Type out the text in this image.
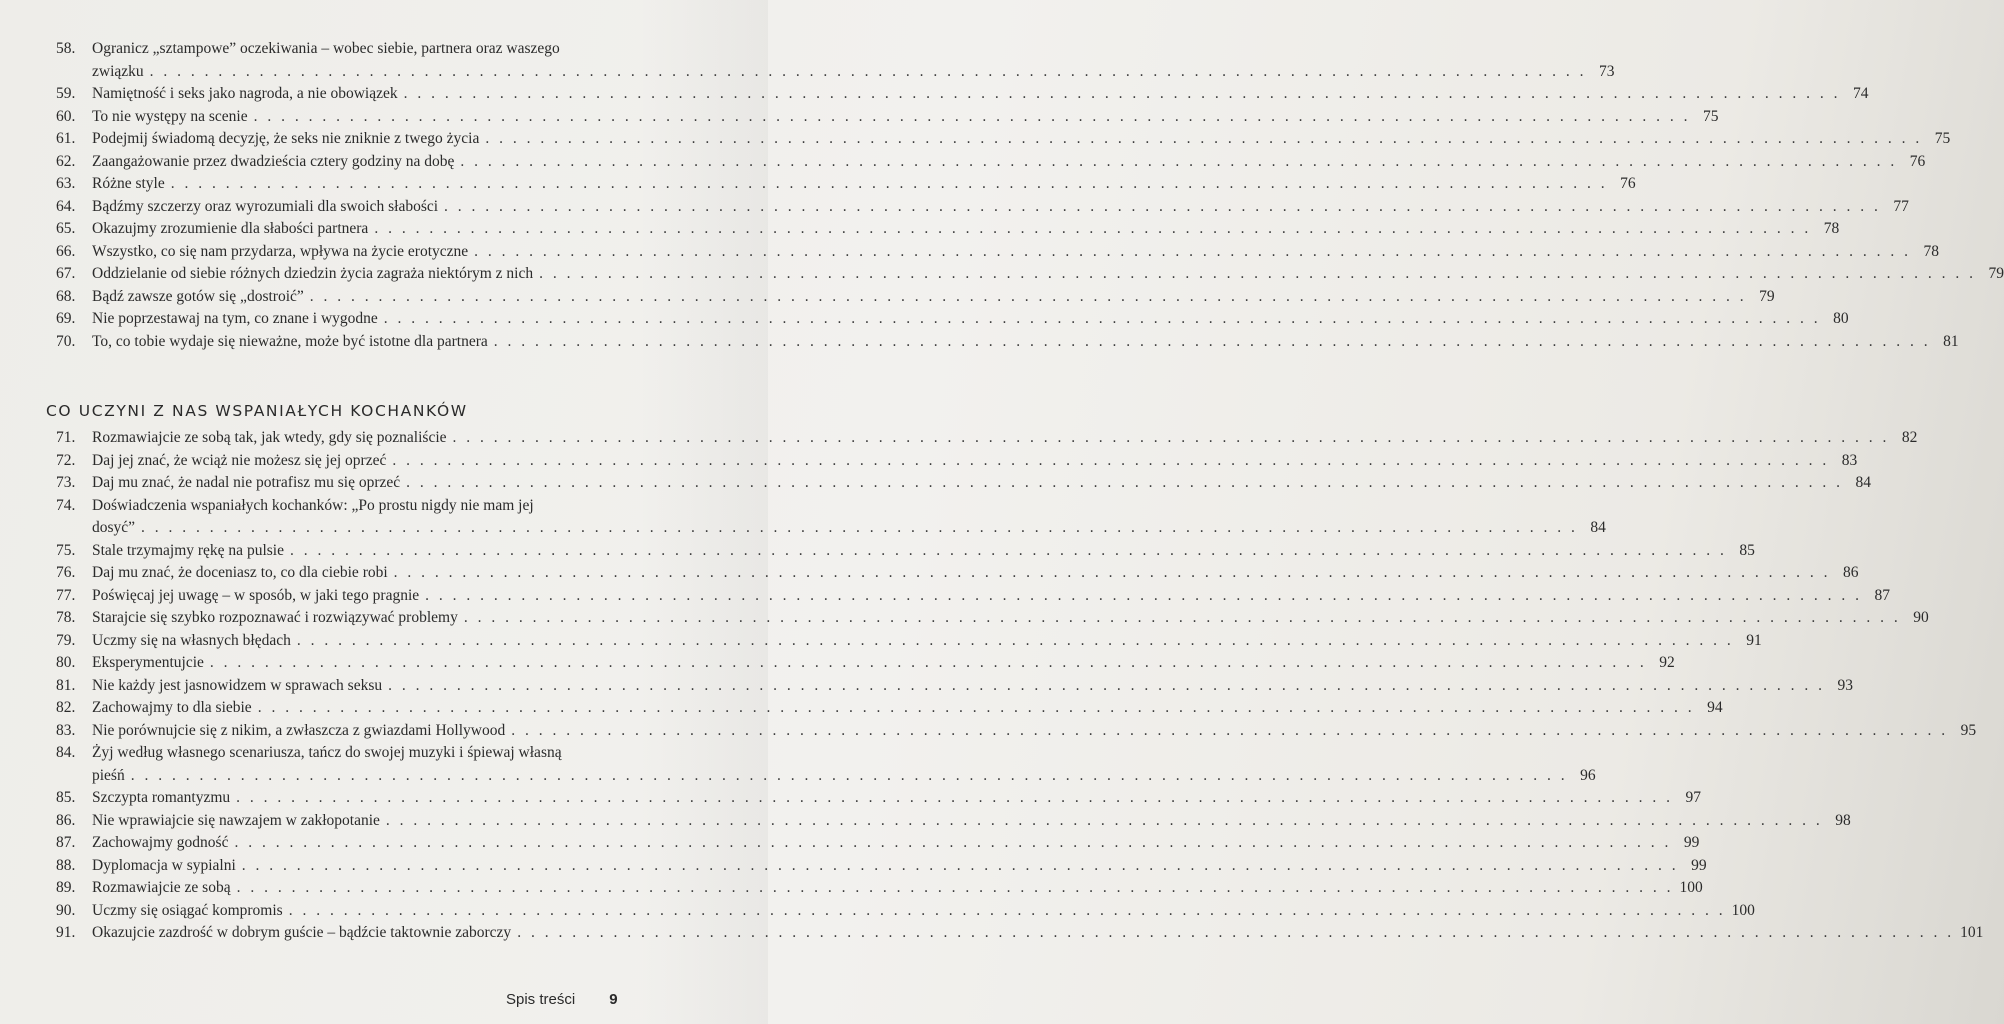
58.	Ogranicz „sztampowe” oczekiwania – wobec siebie, partnera oraz waszego
związku . . .	73
59.	Namiętność i seks jako nagroda, a nie obowiązek . . .	74
60.	To nie występy na scenie . . .	75
61.	Podejmij świadomą decyzję, że seks nie zniknie z twego życia . . .	75
62.	Zaangażowanie przez dwadzieścia cztery godziny na dobę . . .	76
63.	Różne style . . .	76
64.	Bądźmy szczerzy oraz wyrozumiali dla swoich słabości . . .	77
65.	Okazujmy zrozumienie dla słabości partnera . . .	78
66.	Wszystko, co się nam przydarza, wpływa na życie erotyczne . . .	78
67.	Oddzielanie od siebie różnych dziedzin życia zagraża niektórym z nich . . .	79
68.	Bądź zawsze gotów się „dostroić” . . .	79
69.	Nie poprzestawaj na tym, co znane i wygodne . . .	80
70.	To, co tobie wydaje się nieważne, może być istotne dla partnera . . .	81
CO UCZYNI Z NAS WSPANIAŁYCH KOCHANKÓW
71.	Rozmawiajcie ze sobą tak, jak wtedy, gdy się poznaliście . . .	82
72.	Daj jej znać, że wciąż nie możesz się jej oprzeć . . .	83
73.	Daj mu znać, że nadal nie potrafisz mu się oprzeć . . .	84
74.	Doświadczenia wspaniałych kochanków: „Po prostu nigdy nie mam jej
dosyć” . . .	84
75.	Stale trzymajmy rękę na pulsie . . .	85
76.	Daj mu znać, że doceniasz to, co dla ciebie robi . . .	86
77.	Poświęcaj jej uwagę – w sposób, w jaki tego pragnie . . .	87
78.	Starajcie się szybko rozpoznawać i rozwiązywać problemy . . .	90
79.	Uczmy się na własnych błędach . . .	91
80.	Eksperymentujcie . . .	92
81.	Nie każdy jest jasnowidzem w sprawach seksu . . .	93
82.	Zachowajmy to dla siebie . . .	94
83.	Nie porównujcie się z nikim, a zwłaszcza z gwiazdami Hollywood . . .	95
84.	Żyj według własnego scenariusza, tańcz do swojej muzyki i śpiewaj własną
pieśń . . .	96
85.	Szczypta romantyzmu . . .	97
86.	Nie wprawiajcie się nawzajem w zakłopotanie . . .	98
87.	Zachowajmy godność . . .	99
88.	Dyplomacja w sypialni . . .	99
89.	Rozmawiajcie ze sobą . . .	100
90.	Uczmy się osiągać kompromis . . .	100
91.	Okazujcie zazdrość w dobrym guście – bądźcie taktownie zaborczy . . .	101
Spis treści 9
